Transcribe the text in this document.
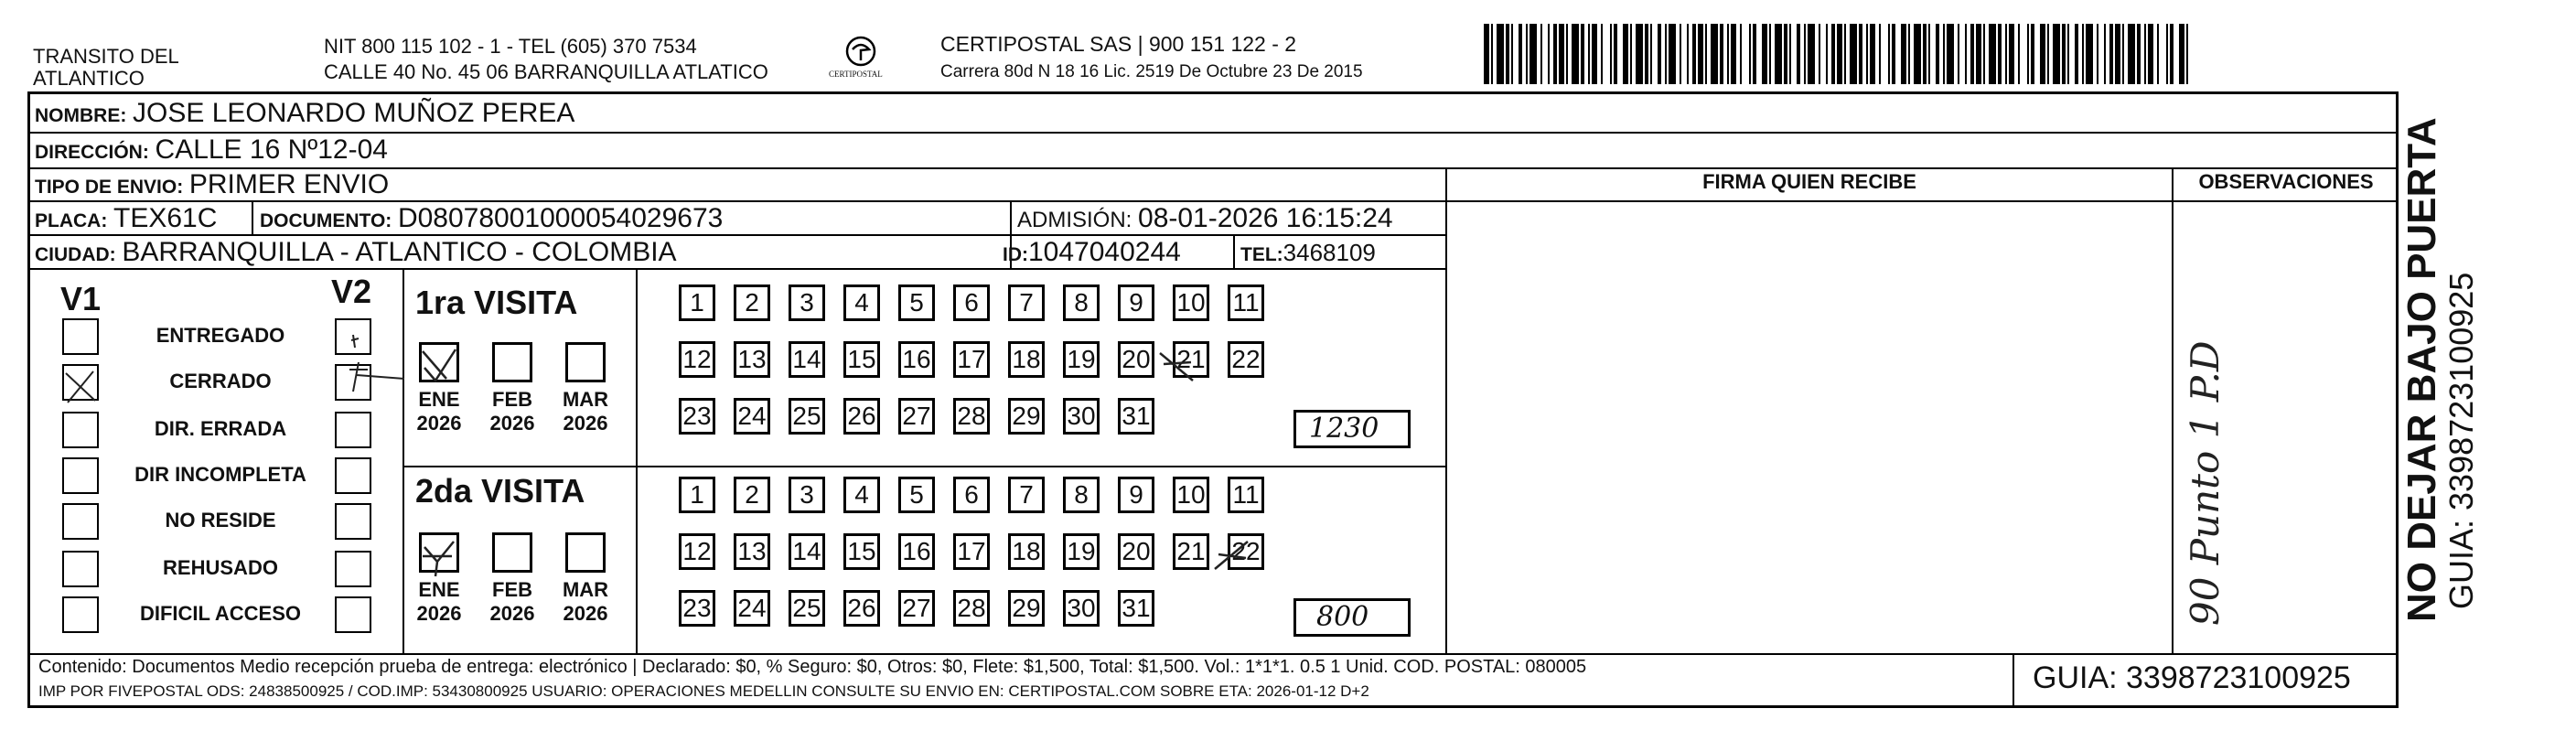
TRANSITO DEL ATLANTICO
NIT 800 115 102 - 1 - TEL (605) 370 7534
CALLE 40 No. 45 06 BARRANQUILLA ATLATICO	CERTIPOSTAL
CERTIPOSTAL SAS | 900 151 122 - 2
Carrera 80d N 18 16 Lic. 2519 De Octubre 23 De 2015
NOMBRE: JOSE LEONARDO MUÑOZ PEREA
DIRECCIÓN: CALLE 16 Nº12-04
TIPO DE ENVIO: PRIMER ENVIO
PLACA: TEX61C DOCUMENTO: D08078001000054029673	ADMISIÓN: 08-01-2026 16:15:24
CIUDAD: BARRANQUILLA - ATLANTICO - COLOMBIA	ID:1047040244	TEL:3468109
FIRMA QUIEN RECIBE	OBSERVACIONES
V1	V2
ENTREGADO
CERRADO
DIR. ERRADA
DIR INCOMPLETA
NO RESIDE
REHUSADO
DIFICIL ACCESO
1ra VISITA
2da VISITA
ENE
2026
FEB
2026
MAR
2026
ENE
2026
FEB
2026
MAR
2026
1	2	3	4	5	6	7	8	9	10 11
12 13 14 15 16 17 18 19 20 21 22
23 24 25 26 27 28 29 30 31
1	2	3	4	5	6	7	8	9	10 11
12 13 14 15 16 17 18 19 20 21 22
23 24 25 26 27 28 29 30 31
1230
800	90 Punto 1 P.D
Contenido: Documentos Medio recepción prueba de entrega: electrónico | Declarado: $0, % Seguro: $0, Otros: $0, Flete: $1,500, Total: $1,500. Vol.: 1*1*1. 0.5 1 Unid. COD. POSTAL: 080005
IMP POR FIVEPOSTAL ODS: 24838500925 / COD.IMP: 53430800925 USUARIO: OPERACIONES MEDELLIN CONSULTE SU ENVIO EN: CERTIPOSTAL.COM SOBRE ETA: 2026-01-12 D+2	GUIA: 3398723100925
NO DEJAR BAJO PUERTA
GUIA: 3398723100925
